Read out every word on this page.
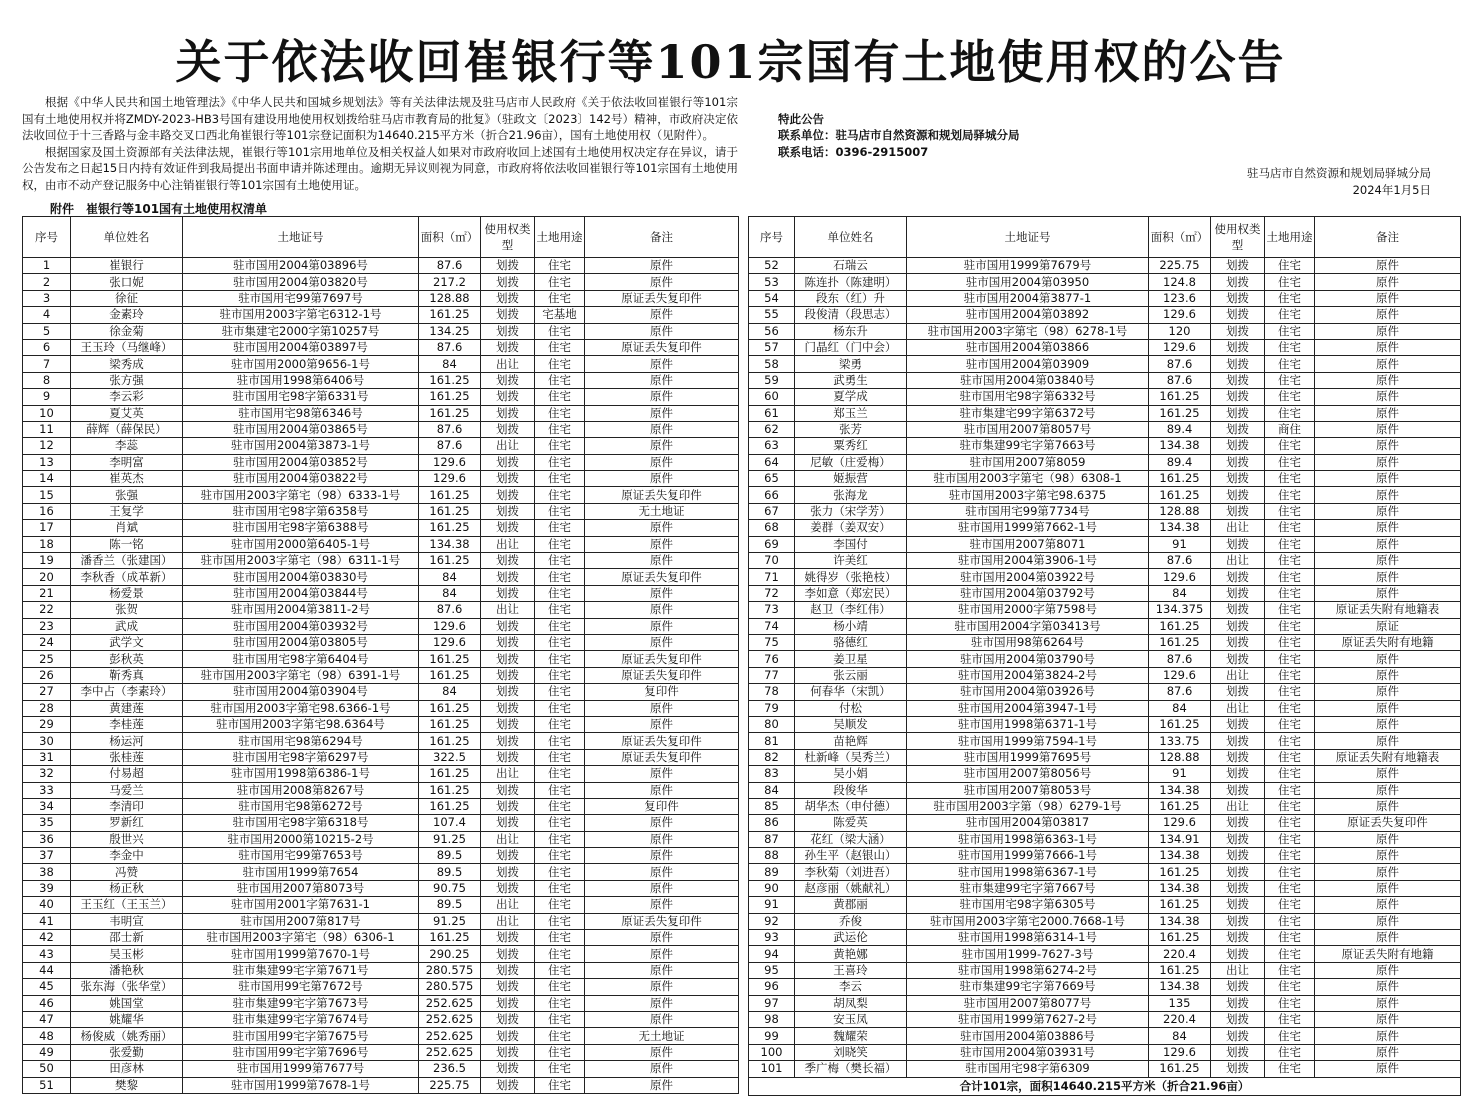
关于依法收回崔银行等101宗国有土地使用权的公告

根据《中华人民共和国土地管理法》《中华人民共和国城乡规划法》等有关法律法规及驻马店市人民政府《关于依法收回崔银行等101宗国有土地使用权并将ZMDY-2023-HB3号国有建设用地使用权划拨给驻马店市教育局的批复》（驻政文〔2023〕142号）精神，市政府决定依法收回位于十三香路与金丰路交叉口西北角崔银行等101宗登记面积为14640.215平方米（折合21.96亩），国有土地使用权（见附件）。

根据国家及国土资源部有关法律法规，崔银行等101宗用地单位及相关权益人如果对市政府收回上述国有土地使用权决定存在异议，请于公告发布之日起15日内持有效证件到我局提出书面申请并陈述理由。逾期无异议则视为同意，市政府将依法收回崔银行等101宗国有土地使用权，由市不动产登记服务中心注销崔银行等101宗国有土地使用证。

特此公告

联系单位：驻马店市自然资源和规划局驿城分局

联系电话：0396-2915007

驻马店市自然资源和规划局驿城分局
2024年1月5日
附件　崔银行等101国有土地使用权清单
序号	单位姓名	土地证号	面积（㎡）	使用权类型	土地用途	备注
1	崔银行	驻市国用2004第03896号	87.6	划拨	住宅	原件
2	张口妮	驻市国用2004第03820号	217.2	划拨	住宅	原件
3	徐征	驻市国用宅99第7697号	128.88	划拨	住宅	原证丢失复印件
4	金素玲	驻市国用2003字第宅6312-1号	161.25	划拨	宅基地	原件
5	徐金菊	驻市集建宅2000字第10257号	134.25	划拨	住宅	原件
6	王玉玲（马继峰）	驻市国用2004第03897号	87.6	划拨	住宅	原证丢失复印件
7	梁秀成	驻市国用2000第9656-1号	84	出让	住宅	原件
8	张方强	驻市国用1998第6406号	161.25	划拨	住宅	原件
9	李云彩	驻市国用宅98字第6331号	161.25	划拨	住宅	原件
10	夏艾英	驻市国用宅98第6346号	161.25	划拨	住宅	原件
11	薛辉（薛保民）	驻市国用2004第03865号	87.6	划拨	住宅	原件
12	李蕊	驻市国用2004第3873-1号	87.6	出让	住宅	原件
13	李明富	驻市国用2004第03852号	129.6	划拨	住宅	原件
14	崔英杰	驻市国用2004第03822号	129.6	划拨	住宅	原件
15	张强	驻市国用2003字第宅（98）6333-1号	161.25	划拨	住宅	原证丢失复印件
16	王复学	驻市国用宅98字第6358号	161.25	划拨	住宅	无土地证
17	肖斌	驻市国用宅98字第6388号	161.25	划拨	住宅	原件
18	陈一铭	驻市国用2000第6405-1号	134.38	出让	住宅	原件
19	潘香兰（张建国）	驻市国用2003字第宅（98）6311-1号	161.25	划拨	住宅	原件
20	李秋香（成革新）	驻市国用2004第03830号	84	划拨	住宅	原证丢失复印件
21	杨爱景	驻市国用2004第03844号	84	划拨	住宅	原件
22	张贺	驻市国用2004第3811-2号	87.6	出让	住宅	原件
23	武成	驻市国用2004第03932号	129.6	划拨	住宅	原件
24	武学文	驻市国用2004第03805号	129.6	划拨	住宅	原件
25	彭秋英	驻市国用宅98字第6404号	161.25	划拨	住宅	原证丢失复印件
26	靳秀真	驻市国用2003字第宅（98）6391-1号	161.25	划拨	住宅	原证丢失复印件
27	李中占（李素玲）	驻市国用2004第03904号	84	划拨	住宅	复印件
28	黄建莲	驻市国用2003字第宅98.6366-1号	161.25	划拨	住宅	原件
29	李桂莲	驻市国用2003字第宅98.6364号	161.25	划拨	住宅	原件
30	杨运河	驻市国用宅98第6294号	161.25	划拨	住宅	原证丢失复印件
31	张桂莲	驻市国用宅98字第6297号	322.5	划拨	住宅	原证丢失复印件
32	付易超	驻市国用1998第6386-1号	161.25	出让	住宅	原件
33	马爱兰	驻市国用2008第8267号	161.25	划拨	住宅	原件
34	李清印	驻市国用宅98第6272号	161.25	划拨	住宅	复印件
35	罗新红	驻市国用宅98字第6318号	107.4	划拨	住宅	原件
36	殷世兴	驻市国用2000第10215-2号	91.25	出让	住宅	原件
37	李金中	驻市国用宅99第7653号	89.5	划拨	住宅	原件
38	冯赞	驻市国用1999第7654	89.5	划拨	住宅	原件
39	杨正秋	驻市国用2007第8073号	90.75	划拨	住宅	原件
40	王玉红（王玉兰）	驻市国用2001字第7631-1	89.5	出让	住宅	原件
41	韦明宣	驻市国用2007第817号	91.25	出让	住宅	原证丢失复印件
42	邵士新	驻市国用2003字第宅（98）6306-1	161.25	划拨	住宅	原件
43	吴玉彬	驻市国用1999第7670-1号	290.25	划拨	住宅	原件
44	潘艳秋	驻市集建99宅字第7671号	280.575	划拨	住宅	原件
45	张东海（张华堂）	驻市国用99宅第7672号	280.575	划拨	住宅	原件
46	姚国堂	驻市集建99宅字第7673号	252.625	划拨	住宅	原件
47	姚耀华	驻市集建99宅字第7674号	252.625	划拨	住宅	原件
48	杨俊威（姚秀丽）	驻市国用99宅字第7675号	252.625	划拨	住宅	无土地证
49	张爱勤	驻市国用99宅字第7696号	252.625	划拨	住宅	原件
50	田彦林	驻市国用1999第7677号	236.5	划拨	住宅	原件
51	樊黎	驻市国用1999第7678-1号	225.75	划拨	住宅	原件
序号	单位姓名	土地证号	面积（㎡）	使用权类型	土地用途	备注
52	石瑞云	驻市国用1999第7679号	225.75	划拨	住宅	原件
53	陈连扑（陈建明）	驻市国用2004第03950	124.8	划拨	住宅	原件
54	段东（红）升	驻市国用2004第3877-1	123.6	划拨	住宅	原件
55	段俊清（段思志）	驻市国用2004第03892	129.6	划拨	住宅	原件
56	杨东升	驻市国用2003字第宅（98）6278-1号	120	划拨	住宅	原件
57	门晶红（门中会）	驻市国用2004第03866	129.6	划拨	住宅	原件
58	梁勇	驻市国用2004第03909	87.6	划拨	住宅	原件
59	武勇生	驻市国用2004第03840号	87.6	划拨	住宅	原件
60	夏学成	驻市国用宅98字第6332号	161.25	划拨	住宅	原件
61	郑玉兰	驻市集建宅99字第6372号	161.25	划拨	住宅	原件
62	张芳	驻市国用2007第8057号	89.4	划拨	商住	原件
63	粟秀红	驻市集建99宅字第7663号	134.38	划拨	住宅	原件
64	尼敏（庄爱梅）	驻市国用2007第8059	89.4	划拨	住宅	原件
65	姬振营	驻市国用2003字第宅（98）6308-1	161.25	划拨	住宅	原件
66	张海龙	驻市国用2003字第宅98.6375	161.25	划拨	住宅	原件
67	张力（宋学芳）	驻市国用宅99第7734号	128.88	划拨	住宅	原件
68	姜群（姜双安）	驻市国用1999第7662-1号	134.38	出让	住宅	原件
69	李国付	驻市国用2007第8071	91	划拨	住宅	原件
70	许美红	驻市国用2004第3906-1号	87.6	出让	住宅	原件
71	姚得岁（张艳枝）	驻市国用2004第03922号	129.6	划拨	住宅	原件
72	李如意（郑宏民）	驻市国用2004第03792号	84	划拨	住宅	原件
73	赵卫（李红伟）	驻市国用2000字第7598号	134.375	划拨	住宅	原证丢失附有地籍表
74	杨小靖	驻市国用2004字第03413号	161.25	划拨	住宅	原证
75	骆德红	驻市国用98第6264号	161.25	划拨	住宅	原证丢失附有地籍
76	姜卫星	驻市国用2004第03790号	87.6	划拨	住宅	原件
77	张云丽	驻市国用2004第3824-2号	129.6	出让	住宅	原件
78	何春华（宋凯）	驻市国用2004第03926号	87.6	划拨	住宅	原件
79	付松	驻市国用2004第3947-1号	84	出让	住宅	原件
80	吴顺发	驻市国用1998第6371-1号	161.25	划拨	住宅	原件
81	苗艳辉	驻市国用1999第7594-1号	133.75	划拨	住宅	原件
82	杜新峰（吴秀兰）	驻市国用1999第7695号	128.88	划拨	住宅	原证丢失附有地籍表
83	吴小娟	驻市国用2007第8056号	91	划拨	住宅	原件
84	段俊华	驻市国用2007第8053号	134.38	划拨	住宅	原件
85	胡华杰（申付德）	驻市国用2003字第（98）6279-1号	161.25	出让	住宅	原件
86	陈爱英	驻市国用2004第03817	129.6	划拨	住宅	原证丢失复印件
87	花红（梁大涵）	驻市国用1998第6363-1号	134.91	划拨	住宅	原件
88	孙生平（赵银山）	驻市国用1999第7666-1号	134.38	划拨	住宅	原件
89	李秋菊（刘进吾）	驻市国用1998第6367-1号	161.25	划拨	住宅	原件
90	赵彦丽（姚献礼）	驻市集建99宅字第7667号	134.38	划拨	住宅	原件
91	黄郡丽	驻市国用宅98字第6305号	161.25	划拨	住宅	原件
92	乔俊	驻市国用2003字第宅2000.7668-1号	134.38	划拨	住宅	原件
93	武运伦	驻市国用1998第6314-1号	161.25	划拨	住宅	原件
94	黄艳娜	驻市国用1999-7627-3号	220.4	划拨	住宅	原证丢失附有地籍
95	王喜玲	驻市国用1998第6274-2号	161.25	出让	住宅	原件
96	李云	驻市集建99宅字第7669号	134.38	划拨	住宅	原件
97	胡凤梨	驻市国用2007第8077号	135	划拨	住宅	原件
98	安玉凤	驻市国用1999第7627-2号	220.4	划拨	住宅	原件
99	魏耀荣	驻市国用2004第03886号	84	划拨	住宅	原件
100	刘晓笑	驻市国用2004第03931号	129.6	划拨	住宅	原件
101	季广梅（樊长福）	驻市国用宅98字第6309	161.25	划拨	住宅	原件
合计101宗，面积14640.215平方米（折合21.96亩）						
